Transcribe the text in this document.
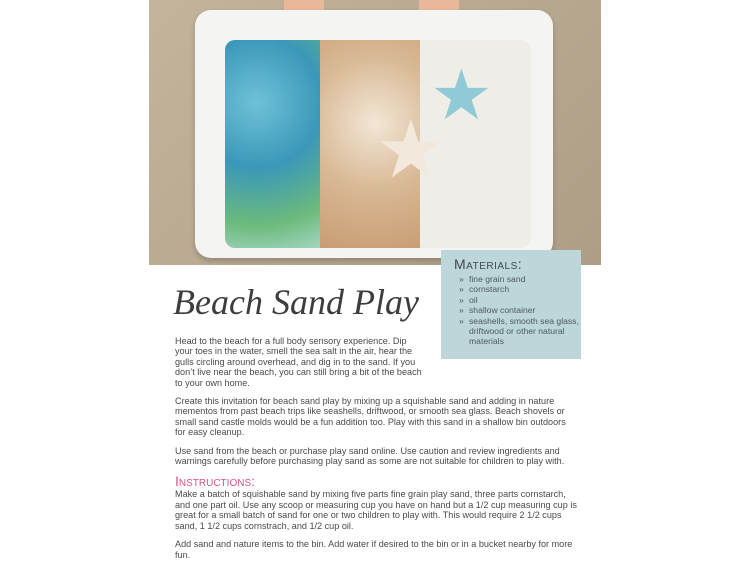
★
★
Beach Sand Play

Head to the beach for a full body sensory experience. Dip your toes in the water, smell the sea salt in the air, hear the gulls circling around overhead, and dig in to the sand. If you don’t live near the beach, you can still bring a bit of the beach to your own home.

Create this invitation for beach sand play by mixing up a squishable sand and adding in nature mementos from past beach trips like seashells, driftwood, or smooth sea glass. Beach shovels or small sand castle molds would be a fun addition too. Play with this sand in a shallow bin outdoors for easy cleanup.

Use sand from the beach or purchase play sand online. Use caution and review ingredients and warnings carefully before purchasing play sand as some are not suitable for children to play with.

Instructions:

Make a batch of squishable sand by mixing five parts fine grain play sand, three parts cornstarch, and one part oil. Use any scoop or measuring cup you have on hand but a 1/2 cup measuring cup is great for a small batch of sand for one or two children to play with. This would require 2 1/2 cups sand, 1 1/2 cups cornstrach, and 1/2 cup oil.

Add sand and nature items to the bin. Add water if desired to the bin or in a bucket nearby for more fun.

Materials:
» fine grain sand
» cornstarch
» oil
» shallow container
» seashells, smooth sea glass, driftwood or other natural materials
